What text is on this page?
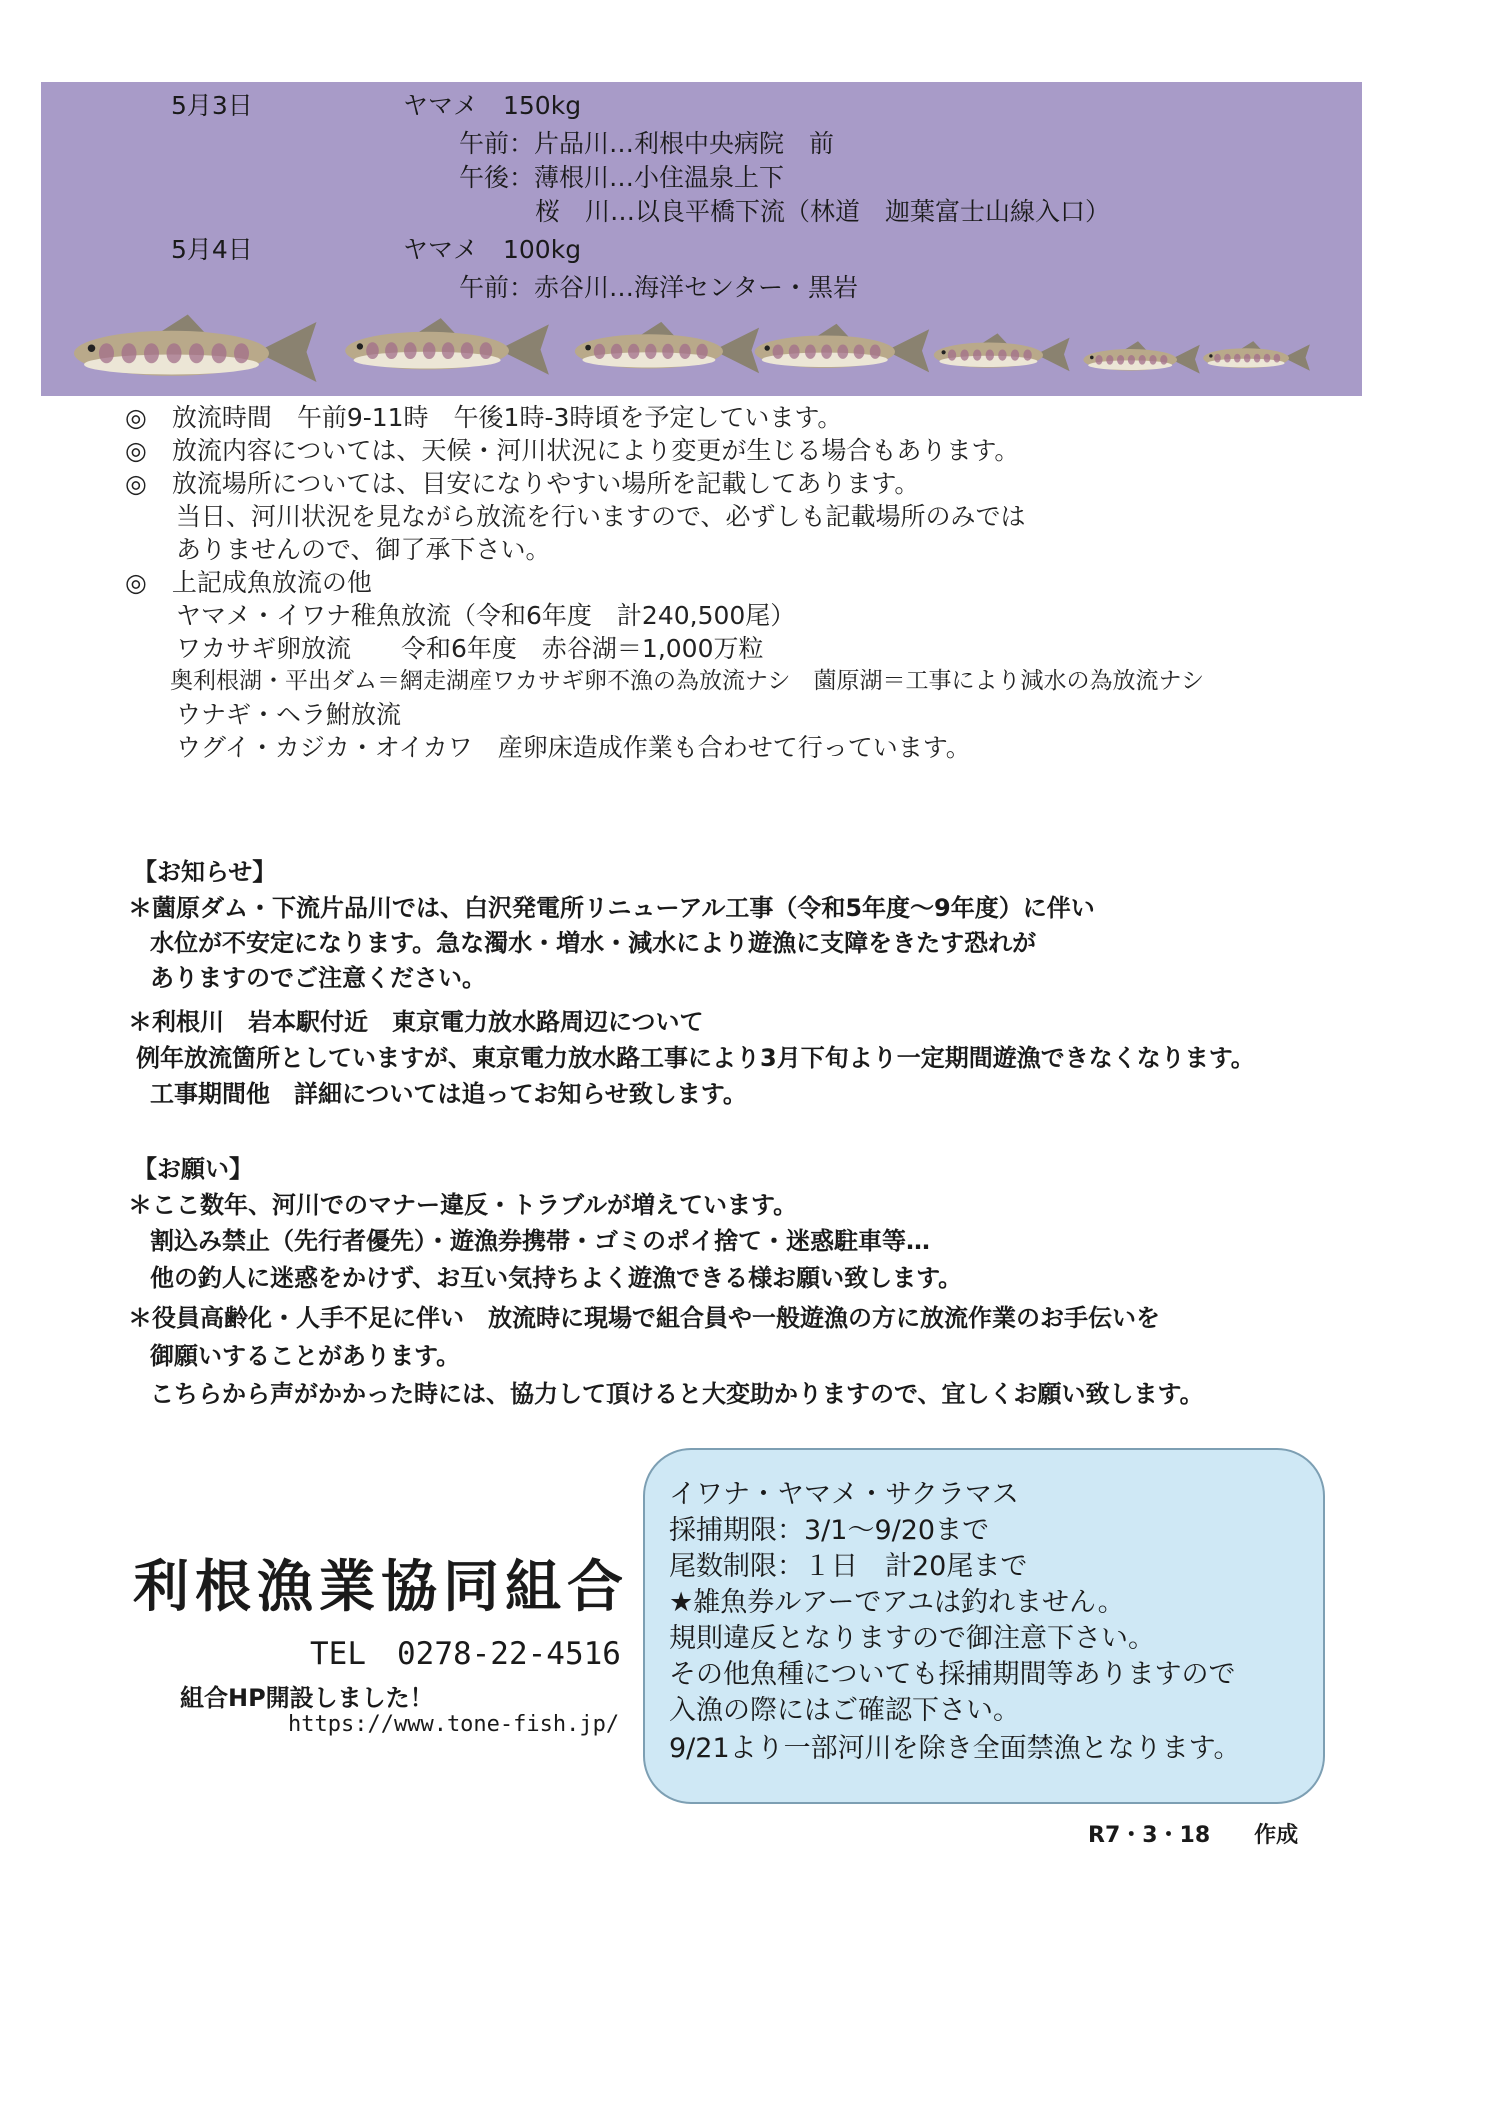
5月3日	ヤマメ　150kg
午前：片品川…利根中央病院　前
午後：薄根川…小住温泉上下
桜　川…以良平橋下流（林道　迦葉富士山線入口）
5月4日	ヤマメ　100kg
午前：赤谷川…海洋センター・黒岩
◎　放流時間　午前9-11時　午後1時-3時頃を予定しています。
◎　放流内容については、天候・河川状況により変更が生じる場合もあります。
◎　放流場所については、目安になりやすい場所を記載してあります。
当日、河川状況を見ながら放流を行いますので、必ずしも記載場所のみでは
ありませんので、御了承下さい。
◎　上記成魚放流の他
ヤマメ・イワナ稚魚放流（令和6年度　計240,500尾）
ワカサギ卵放流　　令和6年度　赤谷湖＝1,000万粒
奥利根湖・平出ダム＝網走湖産ワカサギ卵不漁の為放流ナシ　薗原湖＝工事により減水の為放流ナシ
ウナギ・ヘラ鮒放流
ウグイ・カジカ・オイカワ　産卵床造成作業も合わせて行っています。
【お知らせ】
＊薗原ダム・下流片品川では、白沢発電所リニューアル工事（令和5年度～9年度）に伴い
水位が不安定になります。急な濁水・増水・減水により遊漁に支障をきたす恐れが
ありますのでご注意ください。
＊利根川　岩本駅付近　東京電力放水路周辺について
例年放流箇所としていますが、東京電力放水路工事により3月下旬より一定期間遊漁できなくなります。
工事期間他　詳細については追ってお知らせ致します。
【お願い】
＊ここ数年、河川でのマナー違反・トラブルが増えています。
割込み禁止（先行者優先）・遊漁券携帯・ゴミのポイ捨て・迷惑駐車等…
他の釣人に迷惑をかけず、お互い気持ちよく遊漁できる様お願い致します。
＊役員高齢化・人手不足に伴い　放流時に現場で組合員や一般遊漁の方に放流作業のお手伝いを
御願いすることがあります。
こちらから声がかかった時には、協力して頂けると大変助かりますので、宜しくお願い致します。
利根漁業協同組合
TEL　0278-22-4516
組合HP開設しました！
https://www.tone-fish.jp/
イワナ・ヤマメ・サクラマス
採捕期限：3/1～9/20まで
尾数制限：１日　計20尾まで
★雑魚券ルアーでアユは釣れません。
規則違反となりますので御注意下さい。
その他魚種についても採捕期間等ありますので
入漁の際にはご確認下さい。
9/21より一部河川を除き全面禁漁となります。
R7・3・18　　作成
